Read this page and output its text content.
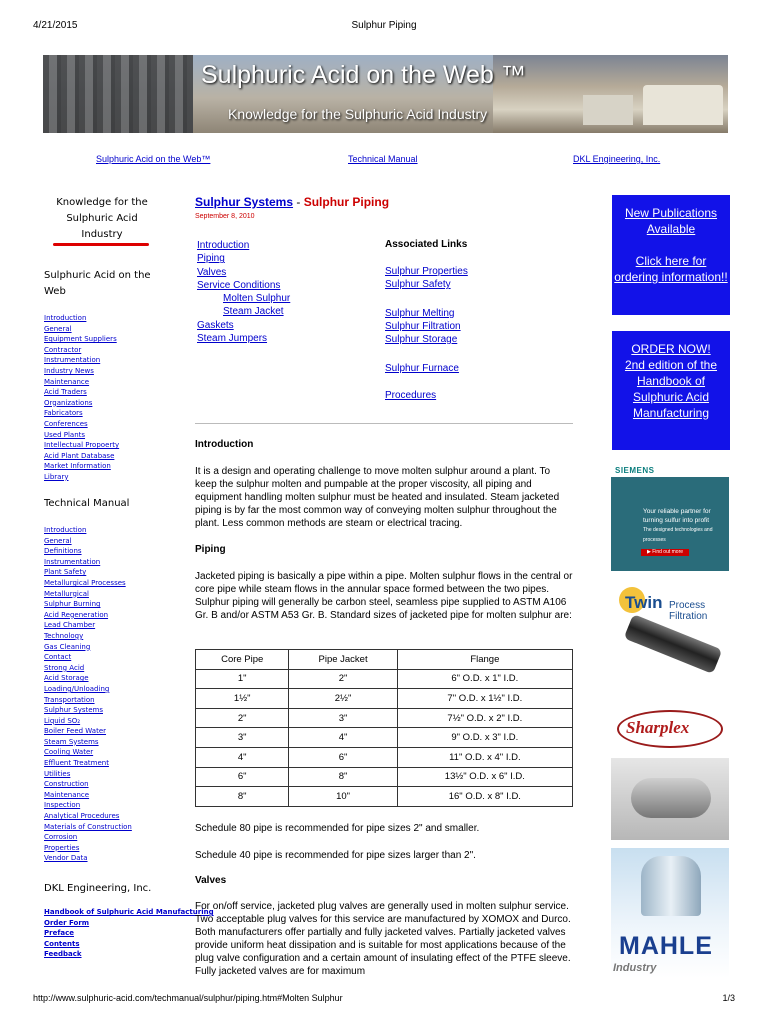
4/21/2015	Sulphur Piping
Sulphuric Acid on the Web ™
Knowledge for the Sulphuric Acid Industry
Sulphuric Acid on the Web™	Technical Manual	DKL Engineering, Inc.
Knowledge for the Sulphuric Acid Industry
Sulphuric Acid on the Web
Introduction
General
Equipment Suppliers
Contractor
Instrumentation
Industry News
Maintenance
Acid Traders
Organizations
Fabricators
Conferences
Used Plants
Intellectual Propoerty
Acid Plant Database
Market Information
Library
Technical Manual
Introduction
General
Definitions
Instrumentation
Plant Safety
Metallurgical Processes
Metallurgical
Sulphur Burning
Acid Regeneration
Lead Chamber
Technology
Gas Cleaning
Contact
Strong Acid
Acid Storage
Loading/Unloading
Transportation
Sulphur Systems
Liquid SO₂
Boiler Feed Water
Steam Systems
Cooling Water
Effluent Treatment
Utilities
Construction
Maintenance
Inspection
Analytical Procedures
Materials of Construction
Corrosion
Properties
Vendor Data
DKL Engineering, Inc.
Handbook of Sulphuric Acid Manufacturing
Order Form
Preface
Contents
Feedback
Sulphur Systems - Sulphur Piping
September 8, 2010
Introduction
Piping
Valves
Service Conditions
Molten Sulphur
Steam Jacket
Gaskets
Steam Jumpers
Associated Links
Sulphur Properties
Sulphur Safety
Sulphur Melting
Sulphur Filtration
Sulphur Storage
Sulphur Furnace
Procedures
Introduction
It is a design and operating challenge to move molten sulphur around a plant. To keep the sulphur molten and pumpable at the proper viscosity, all piping and equipment handling molten sulphur must be heated and insulated. Steam jacketed piping is by far the most common way of conveying molten sulphur throughout the plant. Less common methods are steam or electrical tracing.
Piping
Jacketed piping is basically a pipe within a pipe. Molten sulphur flows in the central or core pipe while steam flows in the annular space formed between the two pipes. Sulphur piping will generally be carbon steel, seamless pipe supplied to ASTM A106 Gr. B and/or ASTM A53 Gr. B. Standard sizes of jacketed pipe for molten sulphur are:
Core Pipe	Pipe Jacket	Flange
1"	2"	6" O.D. x 1" I.D.
1½"	2½"	7" O.D. x 1½" I.D.
2"	3"	7½" O.D. x 2" I.D.
3"	4"	9" O.D. x 3" I.D.
4"	6"	11" O.D. x 4" I.D.
6"	8"	13½" O.D. x 6" I.D.
8"	10"	16" O.D. x 8" I.D.
Schedule 80 pipe is recommended for pipe sizes 2" and smaller.
Schedule 40 pipe is recommended for pipe sizes larger than 2".
Valves
For on/off service, jacketed plug valves are generally used in molten sulphur service. Two acceptable plug valves for this service are manufactured by XOMOX and Durco. Both manufacturers offer partially and fully jacketed valves. Partially jacketed valves provide uniform heat dissipation and is suitable for most applications because of the plug valve configuration and a certain amount of insulating effect of the PTFE sleeve. Fully jacketed valves are for maximum
New Publications Available

Click here for ordering information!!
ORDER NOW!
2nd edition of the Handbook of Sulphuric Acid Manufacturing
SIEMENS
Your reliable partner for turning sulfur into profit
The designed technologies and processes
▶ Find out more
Twin Process Filtration
Sharplex
MAHLE
Industry
http://www.sulphuric-acid.com/techmanual/sulphur/piping.htm#Molten Sulphur	1/3
